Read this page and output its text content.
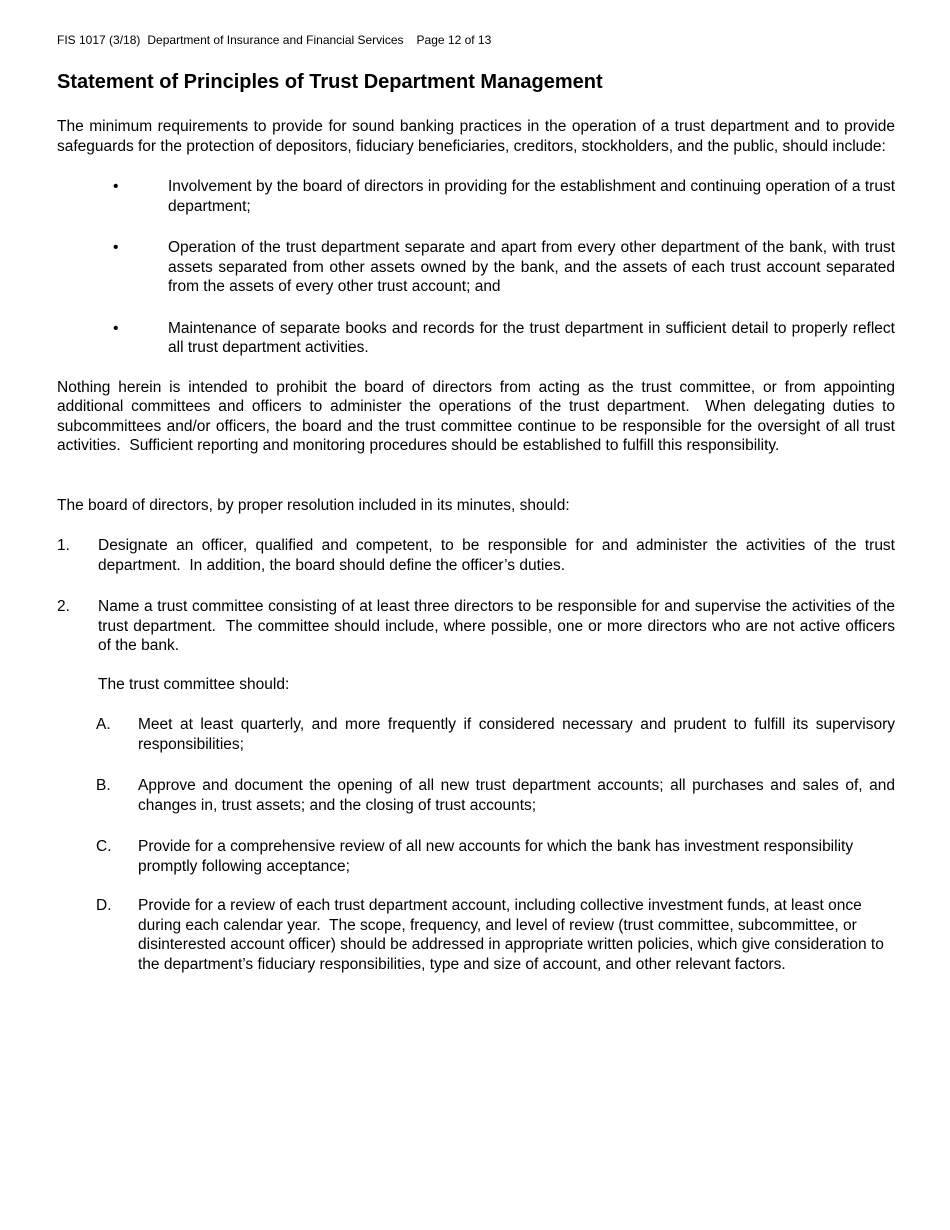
FIS 1017 (3/18) Department of Insurance and Financial Services Page 12 of 13
Statement of Principles of Trust Department Management

The minimum requirements to provide for sound banking practices in the operation of a trust department and to provide safeguards for the protection of depositors, fiduciary beneficiaries, creditors, stockholders, and the public, should include:

•	Involvement by the board of directors in providing for the establishment and continuing operation of a trust department;
•	Operation of the trust department separate and apart from every other department of the bank, with trust assets separated from other assets owned by the bank, and the assets of each trust account separated from the assets of every other trust account; and
•	Maintenance of separate books and records for the trust department in sufficient detail to properly reflect all trust department activities.

Nothing herein is intended to prohibit the board of directors from acting as the trust committee, or from appointing additional committees and officers to administer the operations of the trust department.  When delegating duties to subcommittees and/or officers, the board and the trust committee continue to be responsible for the oversight of all trust activities.  Sufficient reporting and monitoring procedures should be established to fulfill this responsibility.

The board of directors, by proper resolution included in its minutes, should:

1.	Designate an officer, qualified and competent, to be responsible for and administer the activities of the trust department.  In addition, the board should define the officer’s duties.
2.	Name a trust committee consisting of at least three directors to be responsible for and supervise the activities of the trust department.  The committee should include, where possible, one or more directors who are not active officers of the bank.

The trust committee should:

A.	Meet at least quarterly, and more frequently if considered necessary and prudent to fulfill its supervisory responsibilities;
B.	Approve and document the opening of all new trust department accounts; all purchases and sales of, and changes in, trust assets; and the closing of trust accounts;
C.	Provide for a comprehensive review of all new accounts for which the bank has investment responsibility promptly following acceptance;
D.	Provide for a review of each trust department account, including collective investment funds, at least once during each calendar year.  The scope, frequency, and level of review (trust committee, subcommittee, or disinterested account officer) should be addressed in appropriate written policies, which give consideration to the department’s fiduciary responsibilities, type and size of account, and other relevant factors.
